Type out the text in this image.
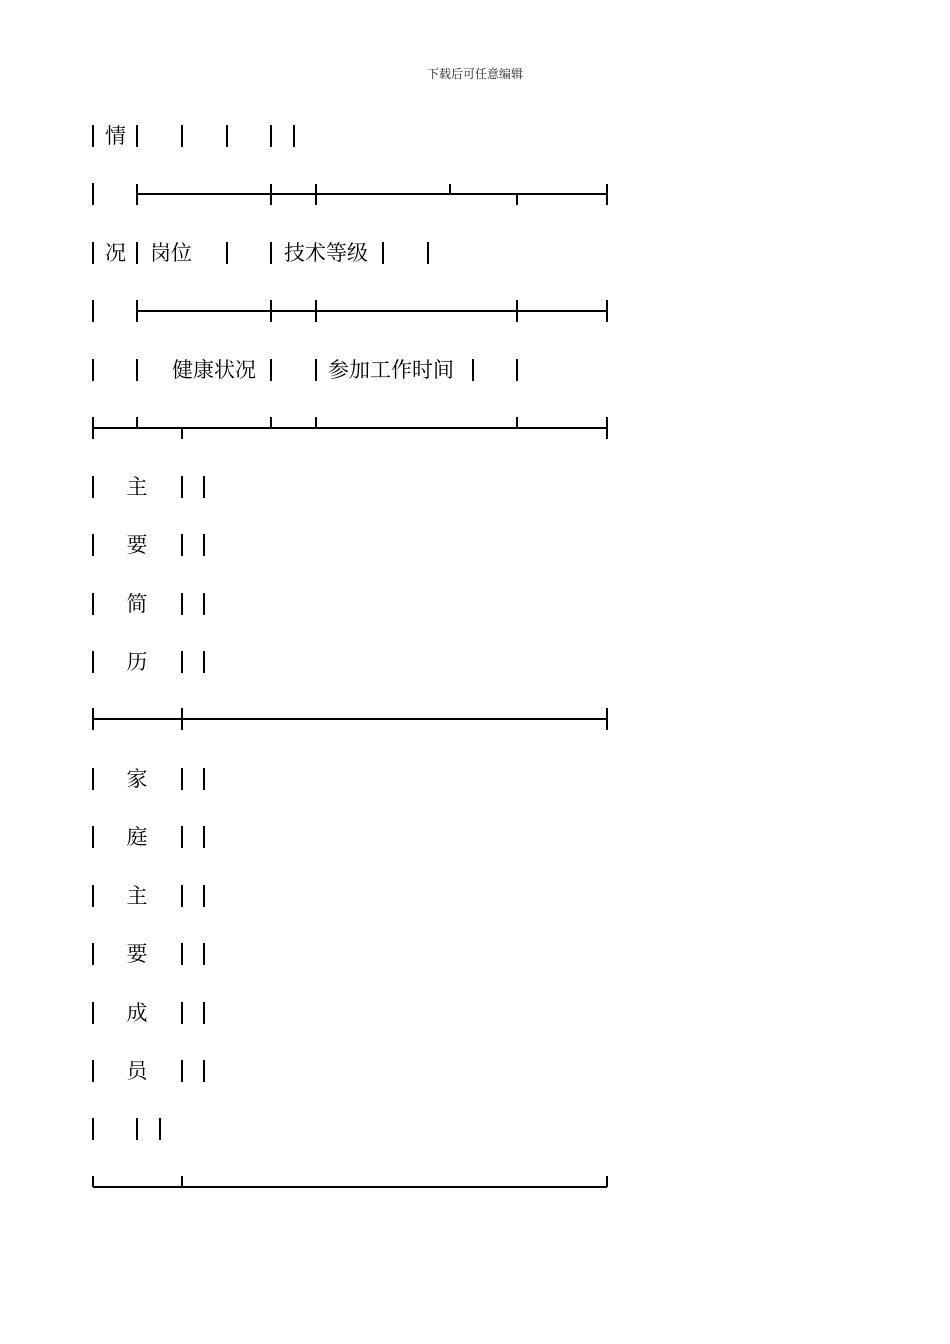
下载后可任意编辑
情
况 岗位	技术等级
健康状况	参加工作时间
主
要
简
历
家
庭
主
要
成
员
